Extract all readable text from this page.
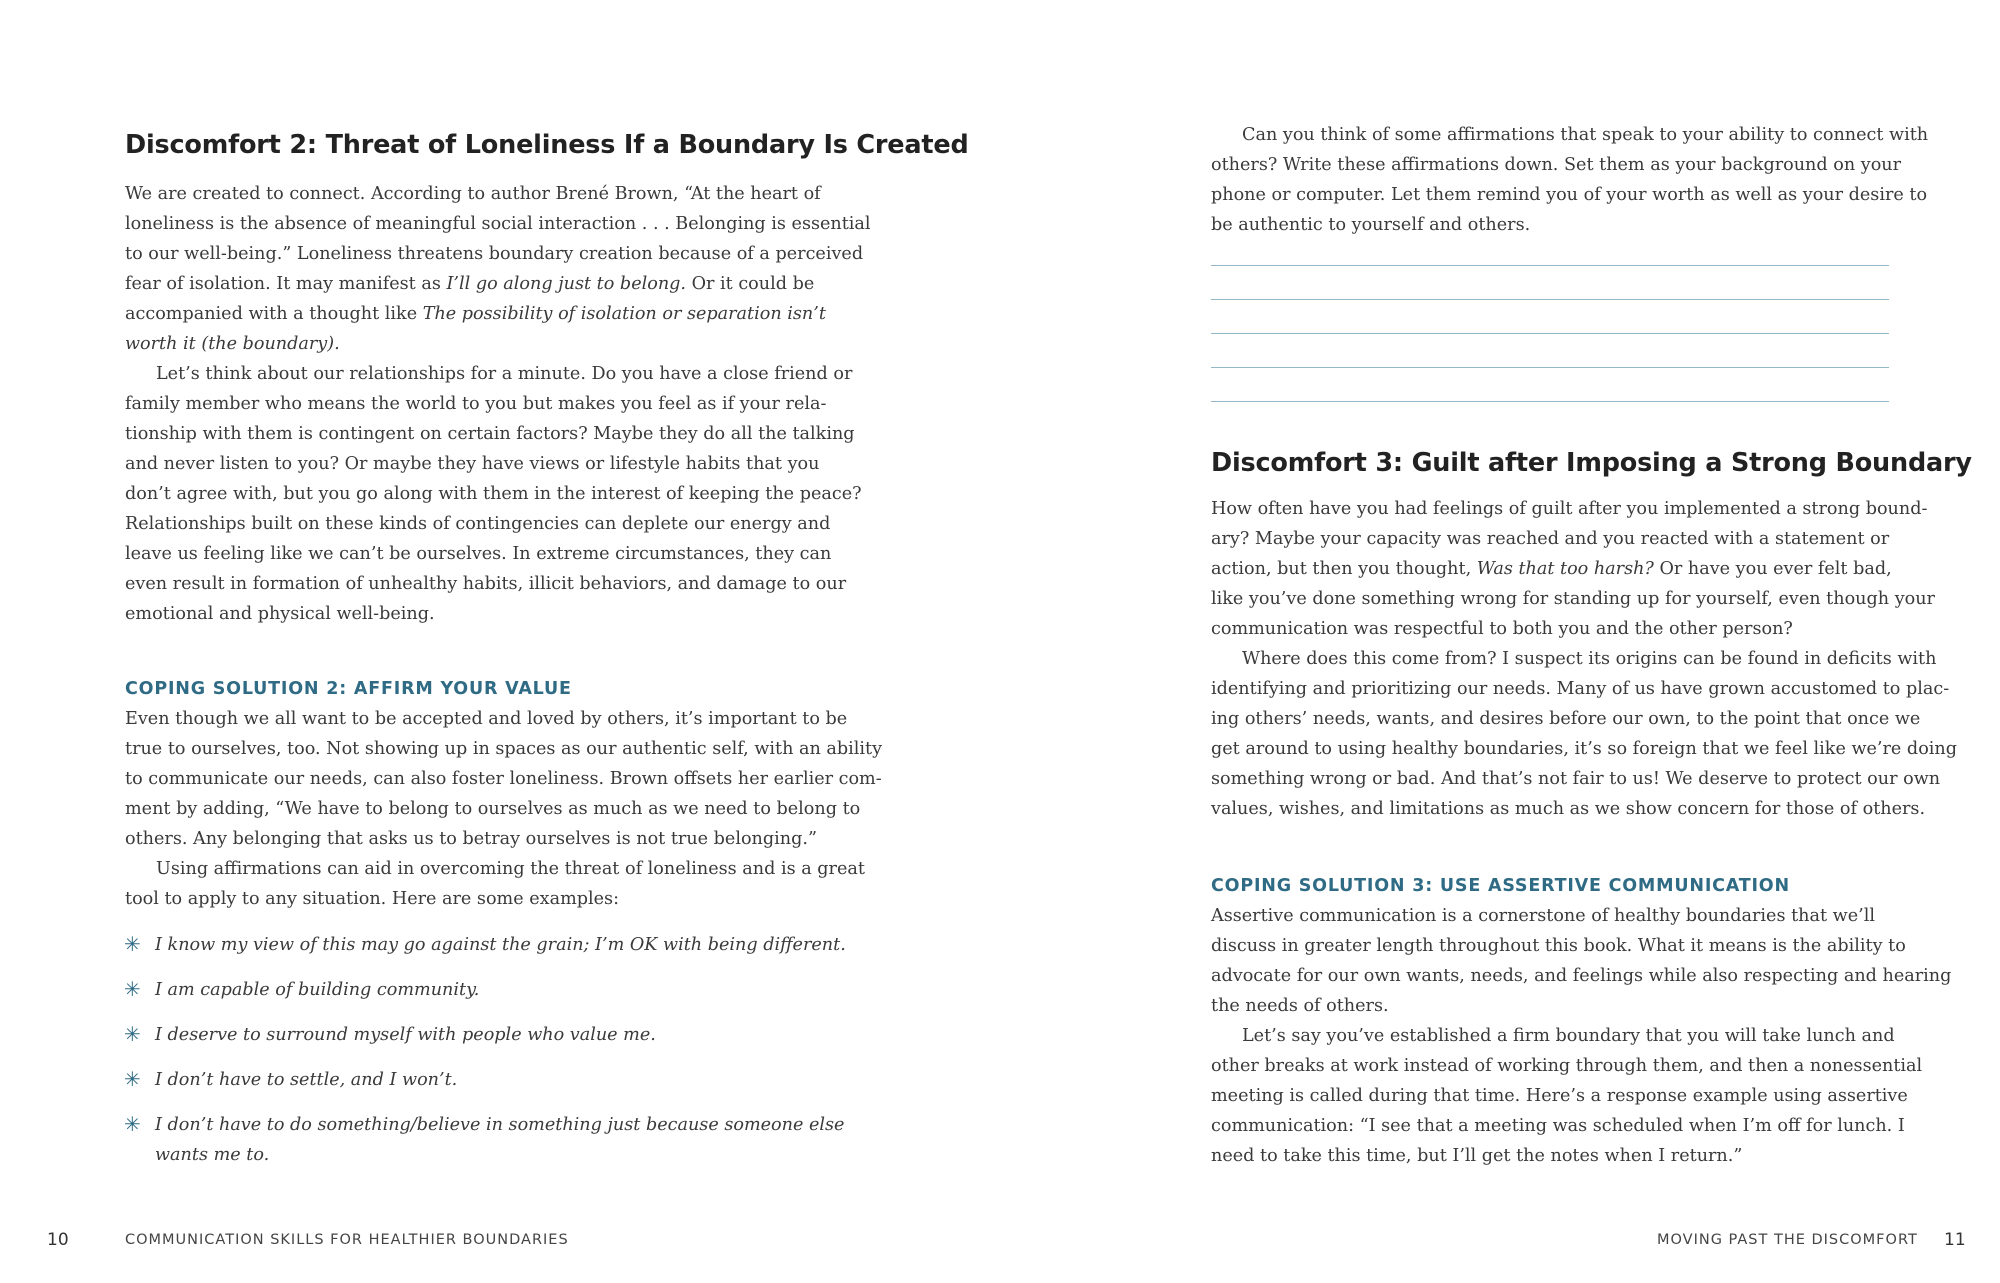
Discomfort 2: Threat of Loneliness If a Boundary Is Created
We are created to connect. According to author Brené Brown, “At the heart of
loneliness is the absence of meaningful social interaction . . . Belonging is essential
to our well-being.” Loneliness threatens boundary creation because of a perceived
fear of isolation. It may manifest as I’ll go along just to belong. Or it could be
accompanied with a thought like The possibility of isolation or separation isn’t
worth it (the boundary).
Let’s think about our relationships for a minute. Do you have a close friend or
family member who means the world to you but makes you feel as if your rela-
tionship with them is contingent on certain factors? Maybe they do all the talking
and never listen to you? Or maybe they have views or lifestyle habits that you
don’t agree with, but you go along with them in the interest of keeping the peace?
Relationships built on these kinds of contingencies can deplete our energy and
leave us feeling like we can’t be ourselves. In extreme circumstances, they can
even result in formation of unhealthy habits, illicit behaviors, and damage to our
emotional and physical well-being.
COPING SOLUTION 2: AFFIRM YOUR VALUE
Even though we all want to be accepted and loved by others, it’s important to be
true to ourselves, too. Not showing up in spaces as our authentic self, with an ability
to communicate our needs, can also foster loneliness. Brown offsets her earlier com-
ment by adding, “We have to belong to ourselves as much as we need to belong to
others. Any belonging that asks us to betray ourselves is not true belonging.”
Using affirmations can aid in overcoming the threat of loneliness and is a great
tool to apply to any situation. Here are some examples:
✳ I know my view of this may go against the grain; I’m OK with being different.
✳ I am capable of building community.
✳ I deserve to surround myself with people who value me.
✳ I don’t have to settle, and I won’t.
✳ I don’t have to do something/believe in something just because someone else
wants me to.
10	COMMUNICATION SKILLS FOR HEALTHIER BOUNDARIES
Can you think of some affirmations that speak to your ability to connect with
others? Write these affirmations down. Set them as your background on your
phone or computer. Let them remind you of your worth as well as your desire to
be authentic to yourself and others.
Discomfort 3: Guilt after Imposing a Strong Boundary
How often have you had feelings of guilt after you implemented a strong bound-
ary? Maybe your capacity was reached and you reacted with a statement or
action, but then you thought, Was that too harsh? Or have you ever felt bad,
like you’ve done something wrong for standing up for yourself, even though your
communication was respectful to both you and the other person?
Where does this come from? I suspect its origins can be found in deficits with
identifying and prioritizing our needs. Many of us have grown accustomed to plac-
ing others’ needs, wants, and desires before our own, to the point that once we
get around to using healthy boundaries, it’s so foreign that we feel like we’re doing
something wrong or bad. And that’s not fair to us! We deserve to protect our own
values, wishes, and limitations as much as we show concern for those of others.
COPING SOLUTION 3: USE ASSERTIVE COMMUNICATION
Assertive communication is a cornerstone of healthy boundaries that we’ll
discuss in greater length throughout this book. What it means is the ability to
advocate for our own wants, needs, and feelings while also respecting and hearing
the needs of others.
Let’s say you’ve established a firm boundary that you will take lunch and
other breaks at work instead of working through them, and then a nonessential
meeting is called during that time. Here’s a response example using assertive
communication: “I see that a meeting was scheduled when I’m off for lunch. I
need to take this time, but I’ll get the notes when I return.”
MOVING PAST THE DISCOMFORT 11
